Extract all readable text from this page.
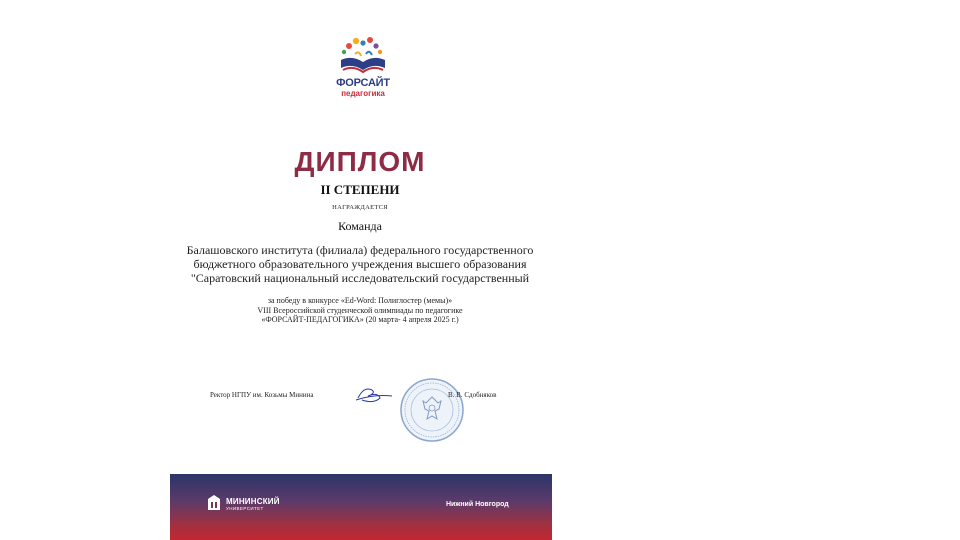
ФОРСАЙТ
педагогика
ДИПЛОМ
II СТЕПЕНИ
НАГРАЖДАЕТСЯ
Команда
Балашовского института (филиала) федерального государственного
бюджетного образовательного учреждения высшего образования
"Саратовский национальный исследовательский государственный
за победу в конкурсе «Ed-Word: Полиглостер (мемы)»
VIII Всероссийской студенческой олимпиады по педагогике
«ФОРСАЙТ-ПЕДАГОГИКА» (20 марта- 4 апреля 2025 г.)
Ректор НГПУ им. Козьмы Минина	В. В. Сдобняков
МИНИНСКИЙ
УНИВЕРСИТЕТ
Нижний Новгород
